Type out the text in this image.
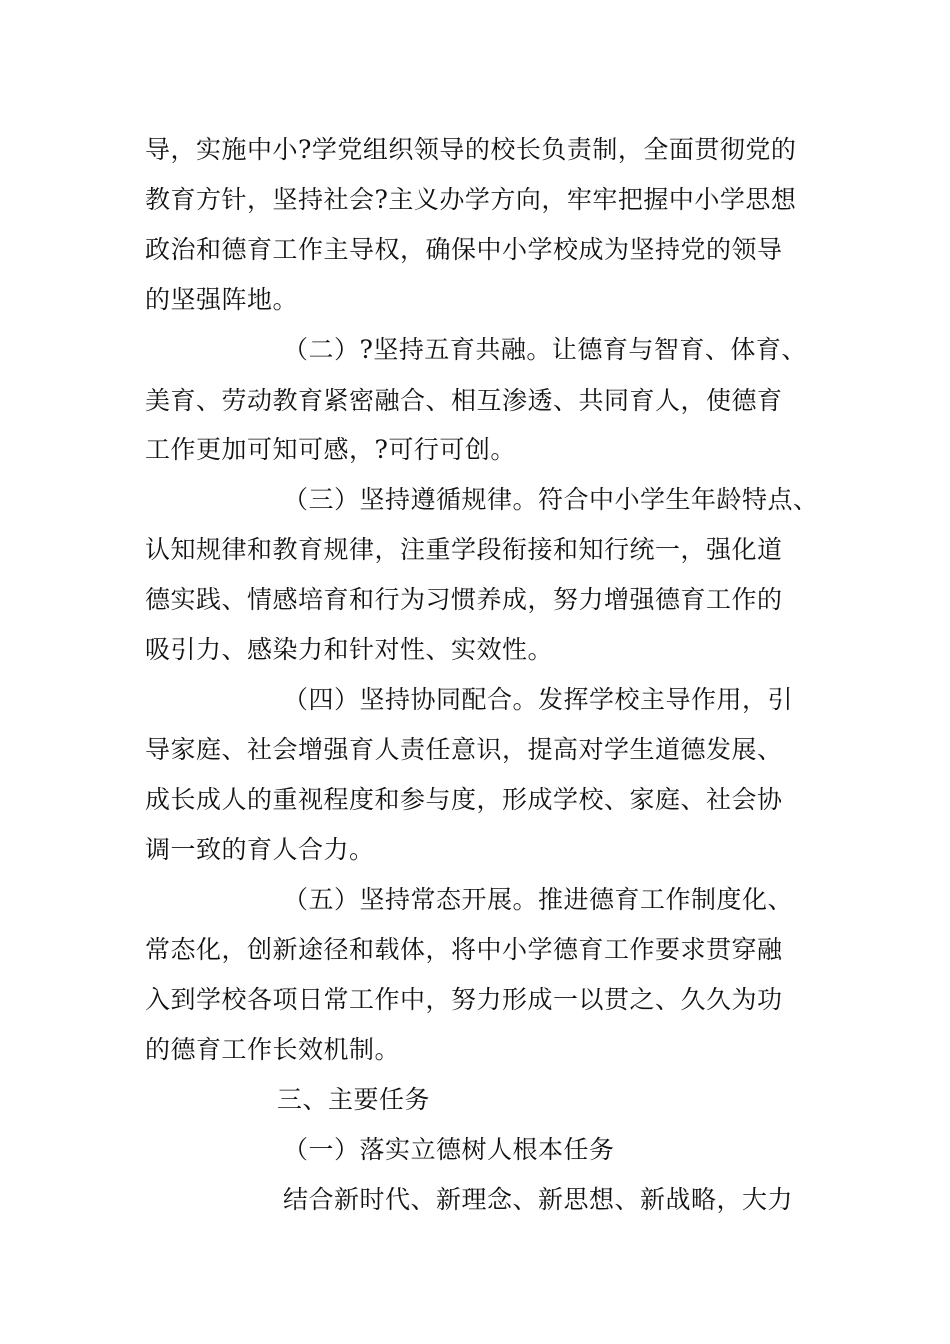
导，实施中小?学党组织领导的校长负责制，全面贯彻党的
教育方针，坚持社会?主义办学方向，牢牢把握中小学思想
政治和德育工作主导权，确保中小学校成为坚持党的领导
的坚强阵地。
（二）?坚持五育共融。让德育与智育、体育、
美育、劳动教育紧密融合、相互渗透、共同育人，使德育
工作更加可知可感，?可行可创。
（三）坚持遵循规律。符合中小学生年龄特点、
认知规律和教育规律，注重学段衔接和知行统一，强化道
德实践、情感培育和行为习惯养成，努力增强德育工作的
吸引力、感染力和针对性、实效性。
（四）坚持协同配合。发挥学校主导作用，引
导家庭、社会增强育人责任意识，提高对学生道德发展、
成长成人的重视程度和参与度，形成学校、家庭、社会协
调一致的育人合力。
（五）坚持常态开展。推进德育工作制度化、
常态化，创新途径和载体，将中小学德育工作要求贯穿融
入到学校各项日常工作中，努力形成一以贯之、久久为功
的德育工作长效机制。
三、主要任务
（一）落实立德树人根本任务
结合新时代、新理念、新思想、新战略，大力
